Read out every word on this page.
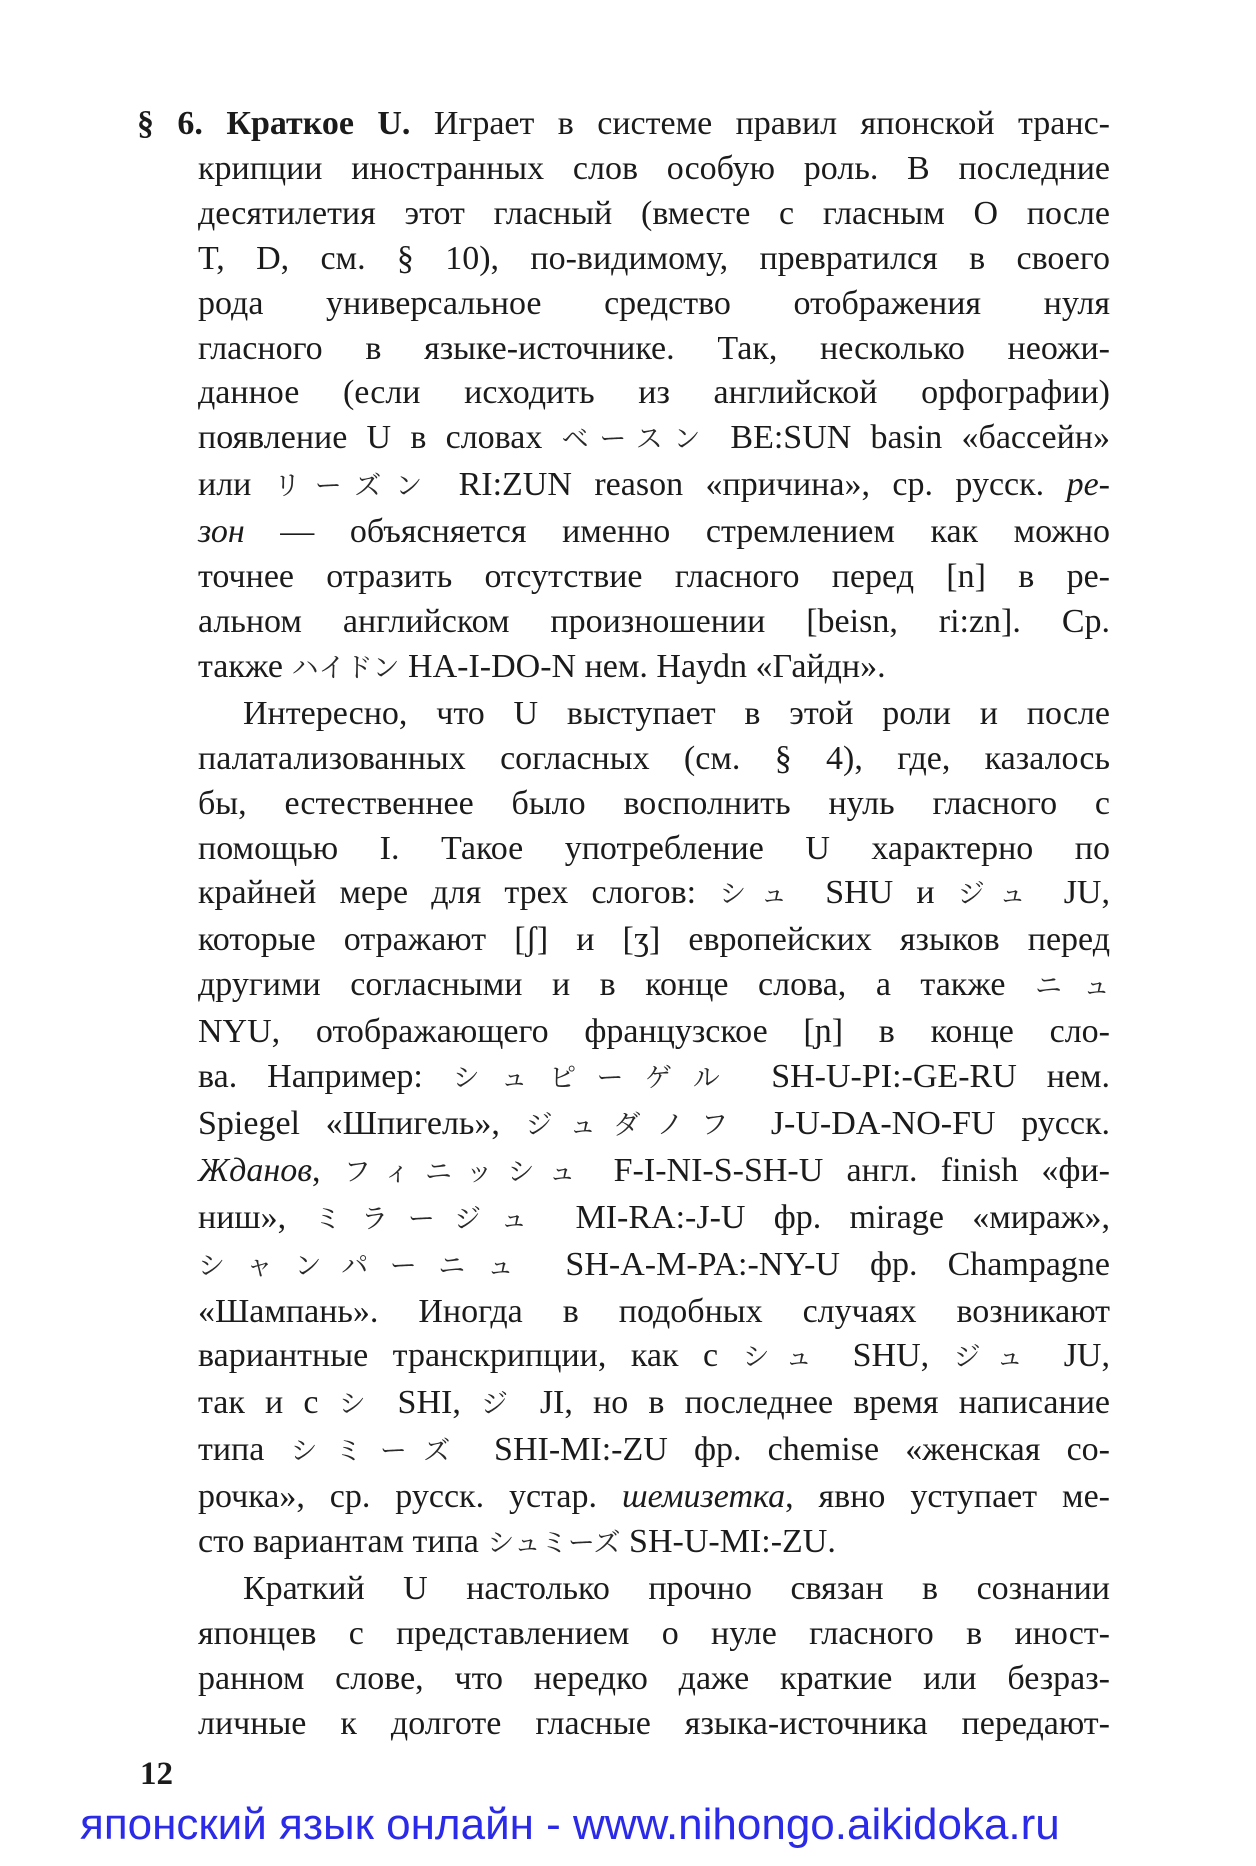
§ 6. Краткое U. Играет в системе правил японской транс-
крипции иностранных слов особую роль. В последние
десятилетия этот гласный (вместе с гласным О после
T, D, см. § 10), по-видимому, превратился в своего
рода универсальное средство отображения нуля
гласного в языке-источнике. Так, несколько неожи-
данное (если исходить из английской орфографии)
появление U в словах ベースン BE:SUN basin «бассейн»
или リーズン RI:ZUN reason «причина», ср. русск. ре-
зон — объясняется именно стремлением как можно
точнее отразить отсутствие гласного перед [n] в ре-
альном английском произношении [beisn, ri:zn]. Ср.
также ハイドン HA-I-DO-N нем. Haydn «Гайдн».
Интересно, что U выступает в этой роли и после
палатализованных согласных (см. § 4), где, казалось
бы, естественнее было восполнить нуль гласного с
помощью I. Такое употребление U характерно по
крайней мере для трех слогов: シュ SHU и ジュ JU,
которые отражают [ʃ] и [ʒ] европейских языков перед
другими согласными и в конце слова, а также ニュ
NYU, отображающего французское [ɲ] в конце сло-
ва. Например: シュピーゲル SH-U-PI:-GE-RU нем.
Spiegel «Шпигель», ジュダノフ J-U-DA-NO-FU русск.
Жданов, フィニッシュ F-I-NI-S-SH-U англ. finish «фи-
ниш», ミラージュ MI-RA:-J-U фр. mirage «мираж»,
シャンパーニュ SH-A-M-PA:-NY-U фр. Champagne
«Шампань». Иногда в подобных случаях возникают
вариантные транскрипции, как с シュ SHU, ジュ JU,
так и с シ SHI, ジ JI, но в последнее время написание
типа シミーズ SHI-MI:-ZU фр. chemise «женская со-
рочка», ср. русск. устар. шемизетка, явно уступает ме-
сто вариантам типа シュミーズ SH-U-MI:-ZU.
Краткий U настолько прочно связан в сознании
японцев с представлением о нуле гласного в иност-
ранном слове, что нередко даже краткие или безраз-
личные к долготе гласные языка-источника передают-
12
японский язык онлайн - www.nihongo.aikidoka.ru
